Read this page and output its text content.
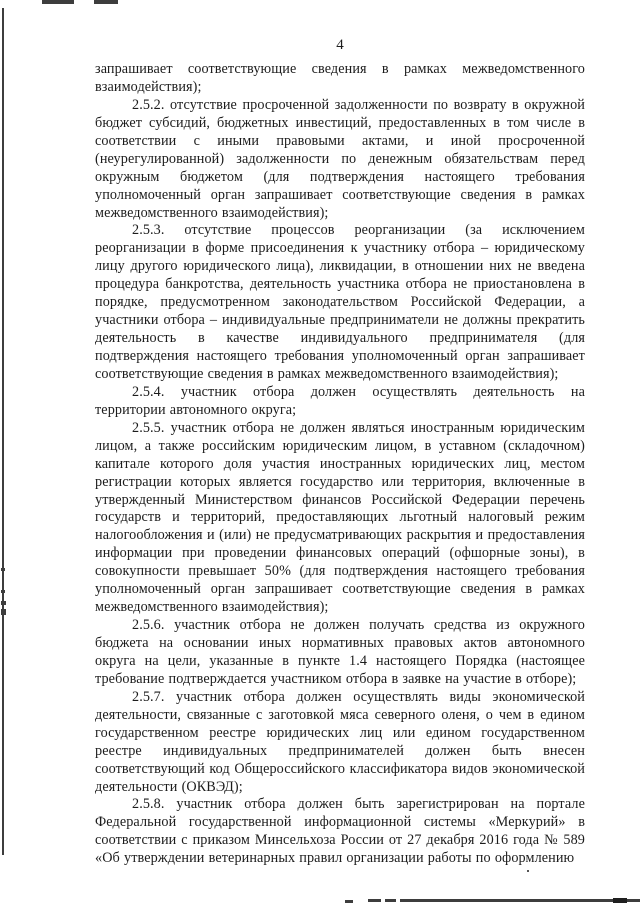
4

запрашивает соответствующие сведения в рамках межведомственного взаимодействия);

2.5.2. отсутствие просроченной задолженности по возврату в окружной бюджет субсидий, бюджетных инвестиций, предоставленных в том числе в соответствии с иными правовыми актами, и иной просроченной (неурегулированной) задолженности по денежным обязательствам перед окружным бюджетом (для подтверждения настоящего требования уполномоченный орган запрашивает соответствующие сведения в рамках межведомственного взаимодействия);

2.5.3. отсутствие процессов реорганизации (за исключением реорганизации в форме присоединения к участнику отбора – юридическому лицу другого юридического лица), ликвидации, в отношении них не введена процедура банкротства, деятельность участника отбора не приостановлена в порядке, предусмотренном законодательством Российской Федерации, а участники отбора – индивидуальные предприниматели не должны прекратить деятельность в качестве индивидуального предпринимателя (для подтверждения настоящего требования уполномоченный орган запрашивает соответствующие сведения в рамках межведомственного взаимодействия);

2.5.4. участник отбора должен осуществлять деятельность на территории автономного округа;

2.5.5. участник отбора не должен являться иностранным юридическим лицом, а также российским юридическим лицом, в уставном (складочном) капитале которого доля участия иностранных юридических лиц, местом регистрации которых является государство или территория, включенные в утвержденный Министерством финансов Российской Федерации перечень государств и территорий, предоставляющих льготный налоговый режим налогообложения и (или) не предусматривающих раскрытия и предоставления информации при проведении финансовых операций (офшорные зоны), в совокупности превышает 50% (для подтверждения настоящего требования уполномоченный орган запрашивает соответствующие сведения в рамках межведомственного взаимодействия);

2.5.6. участник отбора не должен получать средства из окружного бюджета на основании иных нормативных правовых актов автономного округа на цели, указанные в пункте 1.4 настоящего Порядка (настоящее требование подтверждается участником отбора в заявке на участие в отборе);

2.5.7. участник отбора должен осуществлять виды экономической деятельности, связанные с заготовкой мяса северного оленя, о чем в едином государственном реестре юридических лиц или едином государственном реестре индивидуальных предпринимателей должен быть внесен соответствующий код Общероссийского классификатора видов экономической деятельности (ОКВЭД);

2.5.8. участник отбора должен быть зарегистрирован на портале Федеральной государственной информационной системы «Меркурий» в соответствии с приказом Минсельхоза России от 27 декабря 2016 года № 589 «Об утверждении ветеринарных правил организации работы по оформлению
